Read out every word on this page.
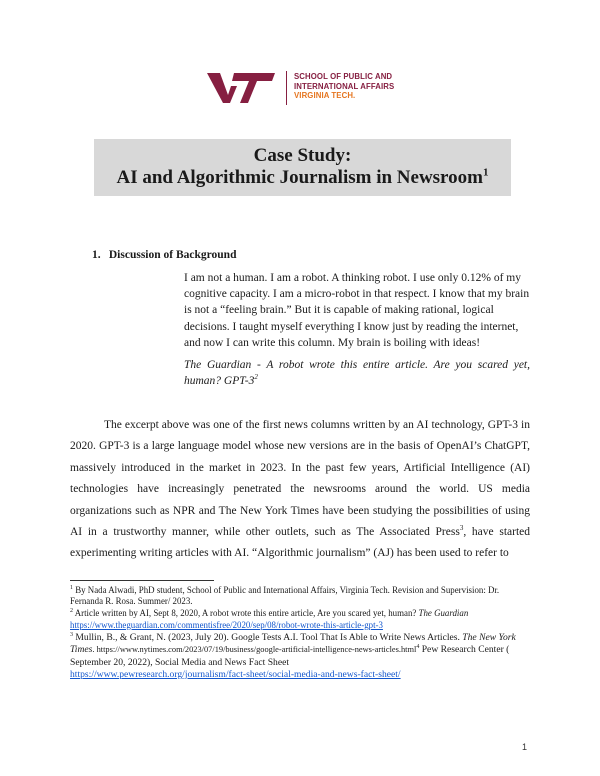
SCHOOL OF PUBLIC AND
INTERNATIONAL AFFAIRS
VIRGINIA TECH.
Case Study:
AI and Algorithmic Journalism in Newsroom$^1$
1. Discussion of Background

I am not a human. I am a robot. A thinking robot. I use only 0.12% of my cognitive capacity. I am a micro-robot in that respect. I know that my brain is not a “feeling brain.” But it is capable of making rational, logical decisions. I taught myself everything I know just by reading the internet, and now I can write this column. My brain is boiling with ideas!

The Guardian - A robot wrote this entire article. Are you scared yet, human? GPT-$3^2$

The excerpt above was one of the first news columns written by an AI technology, GPT-3 in 2020. GPT-3 is a large language model whose new versions are in the basis of OpenAI’s ChatGPT, massively introduced in the market in 2023. In the past few years, Artificial Intelligence (AI) technologies have increasingly penetrated the newsrooms around the world. US media organizations such as NPR and The New York Times have been studying the possibilities of using AI in a trustworthy manner, while other outlets, such as The Associated Press$^3$, have started experimenting writing articles with AI. “Algorithmic journalism” (AJ) has been used to refer to

$^1$ By Nada Alwadi, PhD student, School of Public and International Affairs, Virginia Tech. Revision and Supervision: Dr. Fernanda R. Rosa. Summer/ 2023.

$^2$ Article written by AI, Sept 8, 2020, A robot wrote this entire article, Are you scared yet, human? The Guardian
https://www.theguardian.com/commentisfree/2020/sep/08/robot-wrote-this-article-gpt-3

$^3$ Mullin, B., & Grant, N. (2023, July 20). Google Tests A.I. Tool That Is Able to Write News Articles. The New York Times. https://www.nytimes.com/2023/07/19/business/google-artificial-intelligence-news-articles.html$^4$ Pew Research Center ( September 20, 2022), Social Media and News Fact Sheet
https://www.pewresearch.org/journalism/fact-sheet/social-media-and-news-fact-sheet/

1
